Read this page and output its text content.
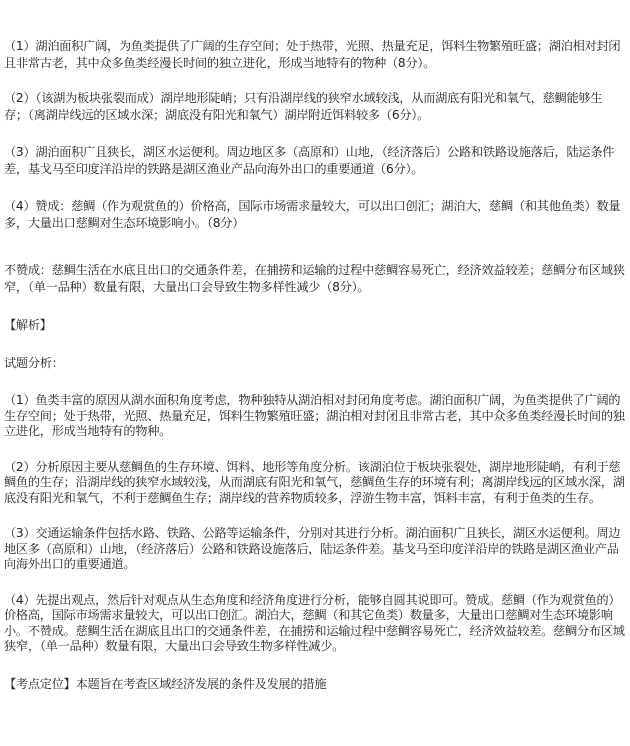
（1）湖泊面积广阔，为鱼类提供了广阔的生存空间；处于热带，光照、热量充足，饵料生物繁殖旺盛；湖泊相对封闭且非常古老，其中众多鱼类经漫长时间的独立进化，形成当地特有的物种（8分）。

（2）（该湖为板块张裂而成）湖岸地形陡峭；只有沿湖岸线的狭窄水域较浅，从而湖底有阳光和氧气，慈鲷能够生存；（离湖岸线远的区域水深；湖底没有阳光和氧气）湖岸附近饵料较多（6分）。

（3）湖泊面积广且狭长，湖区水运便利。周边地区多（高原和）山地，（经济落后）公路和铁路设施落后，陆运条件差，基戈马至印度洋沿岸的铁路是湖区渔业产品向海外出口的重要通道（6分）。

（4）赞成：慈鲷（作为观赏鱼的）价格高，国际市场需求量较大，可以出口创汇；湖泊大，慈鲷（和其他鱼类）数量多，大量出口慈鲷对生态环境影响小。（8分）

不赞成：慈鲷生活在水底且出口的交通条件差，在捕捞和运输的过程中慈鲷容易死亡，经济效益较差；慈鲷分布区域狭窄，（单一品种）数量有限，大量出口会导致生物多样性减少（8分）。

【解析】

试题分析：

（1）鱼类丰富的原因从湖水面积角度考虑，物种独特从湖泊相对封闭角度考虑。湖泊面积广阔，为鱼类提供了广阔的生存空间；处于热带，光照、热量充足，饵料生物繁殖旺盛；湖泊相对封闭且非常古老，其中众多鱼类经漫长时间的独立进化，形成当地特有的物种。

（2）分析原因主要从慈鲷鱼的生存环境、饵料、地形等角度分析。该湖泊位于板块张裂处，湖岸地形陡峭，有利于慈鲷鱼的生存；沿湖岸线的狭窄水域较浅，从而湖底有阳光和氧气，慈鲷鱼生存的环境有利；离湖岸线远的区域水深，湖底没有阳光和氧气，不利于慈鲷鱼生存；湖岸线的营养物质较多，浮游生物丰富，饵料丰富，有利于鱼类的生存。

（3）交通运输条件包括水路、铁路、公路等运输条件，分别对其进行分析。湖泊面积广且狭长，湖区水运便利。周边地区多（高原和）山地，（经济落后）公路和铁路设施落后，陆运条件差。基戈马至印度洋沿岸的铁路是湖区渔业产品向海外出口的重要通道。

（4）先提出观点，然后针对观点从生态角度和经济角度进行分析，能够自圆其说即可。赞成。慈鲷（作为观赏鱼的）价格高，国际市场需求量较大，可以出口创汇。湖泊大，慈鲷（和其它鱼类）数量多，大量出口慈鲷对生态环境影响小。不赞成。慈鲷生活在湖底且出口的交通条件差，在捕捞和运输过程中慈鲷容易死亡，经济效益较差。慈鲷分布区域狭窄，（单一品种）数量有限，大量出口会导致生物多样性减少。

【考点定位】本题旨在考查区域经济发展的条件及发展的措施
